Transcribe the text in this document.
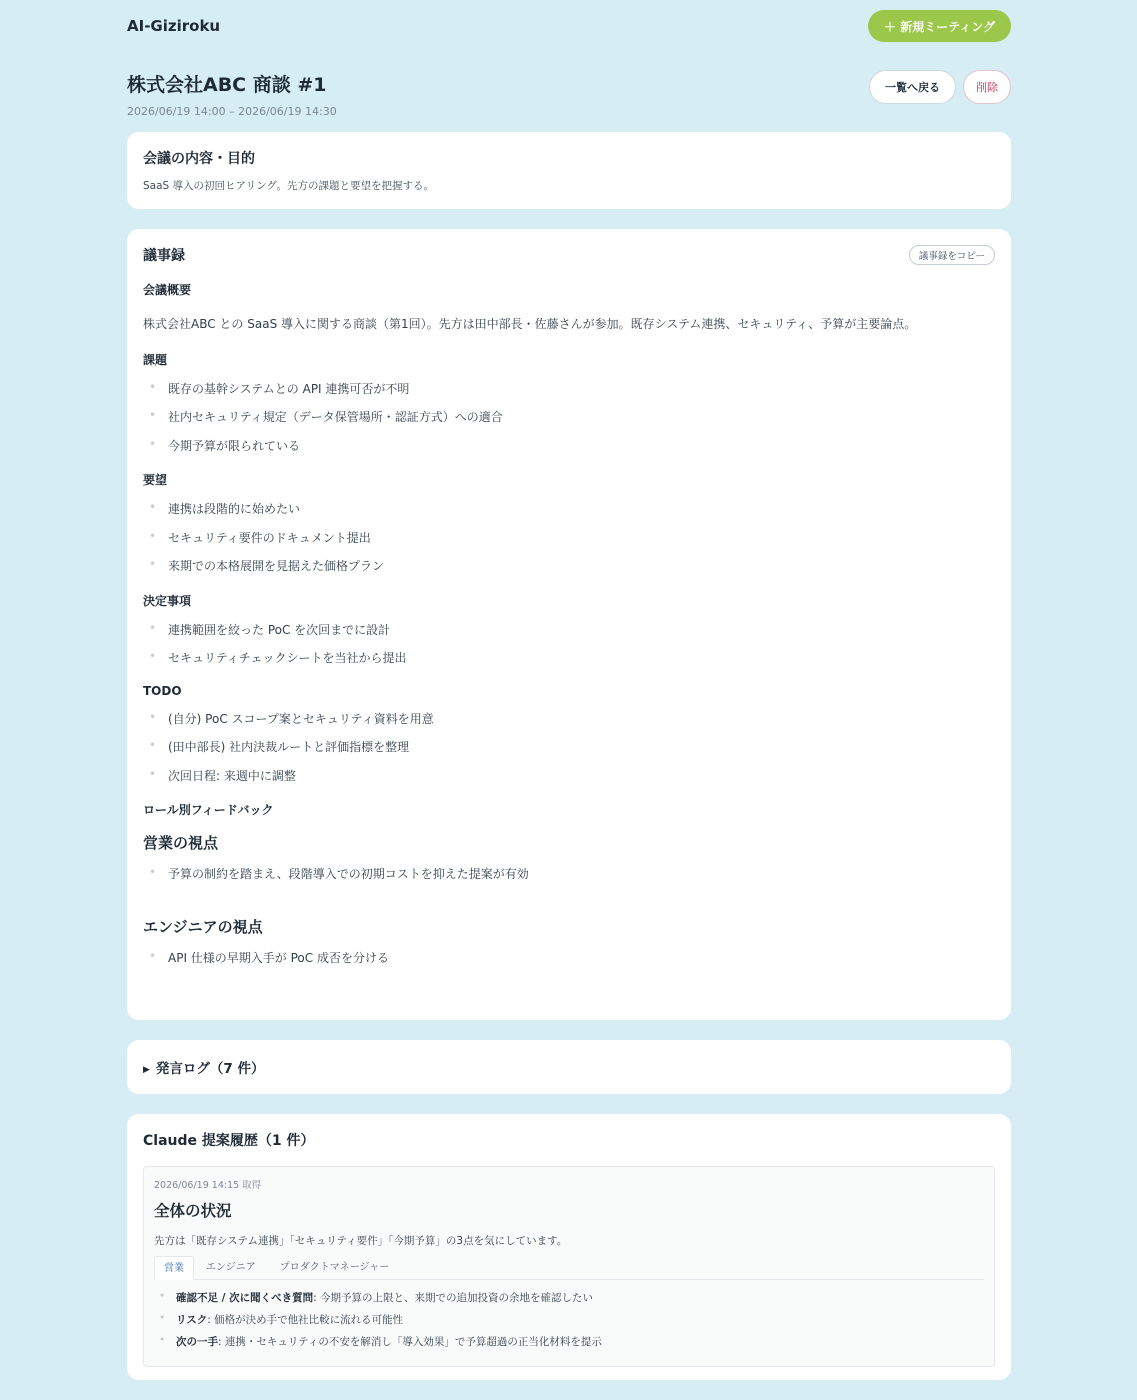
AI-Giziroku	＋ 新規ミーティング
株式会社ABC 商談 #1
2026/06/19 14:00 – 2026/06/19 14:30
一覧へ戻る	削除
会議の内容・目的
SaaS 導入の初回ヒアリング。先方の課題と要望を把握する。
議事録	議事録をコピー
会議概要
株式会社ABC との SaaS 導入に関する商談（第1回）。先方は田中部長・佐藤さんが参加。既存システム連携、セキュリティ、予算が主要論点。
課題
• 既存の基幹システムとの API 連携可否が不明
• 社内セキュリティ規定（データ保管場所・認証方式）への適合
• 今期予算が限られている
要望
• 連携は段階的に始めたい
• セキュリティ要件のドキュメント提出
• 来期での本格展開を見据えた価格プラン
決定事項
• 連携範囲を絞った PoC を次回までに設計
• セキュリティチェックシートを当社から提出
TODO
• (自分) PoC スコープ案とセキュリティ資料を用意
• (田中部長) 社内決裁ルートと評価指標を整理
• 次回日程: 来週中に調整
ロール別フィードバック
営業の視点
• 予算の制約を踏まえ、段階導入での初期コストを抑えた提案が有効
エンジニアの視点
• API 仕様の早期入手が PoC 成否を分ける
▶ 発言ログ（7 件）
Claude 提案履歴（1 件）
2026/06/19 14:15 取得
全体の状況
先方は「既存システム連携」「セキュリティ要件」「今期予算」の3点を気にしています。
営業	エンジニア	プロダクトマネージャー
• 確認不足 / 次に聞くべき質問: 今期予算の上限と、来期での追加投資の余地を確認したい
• リスク: 価格が決め手で他社比較に流れる可能性
• 次の一手: 連携・セキュリティの不安を解消し「導入効果」で予算超過の正当化材料を提示
